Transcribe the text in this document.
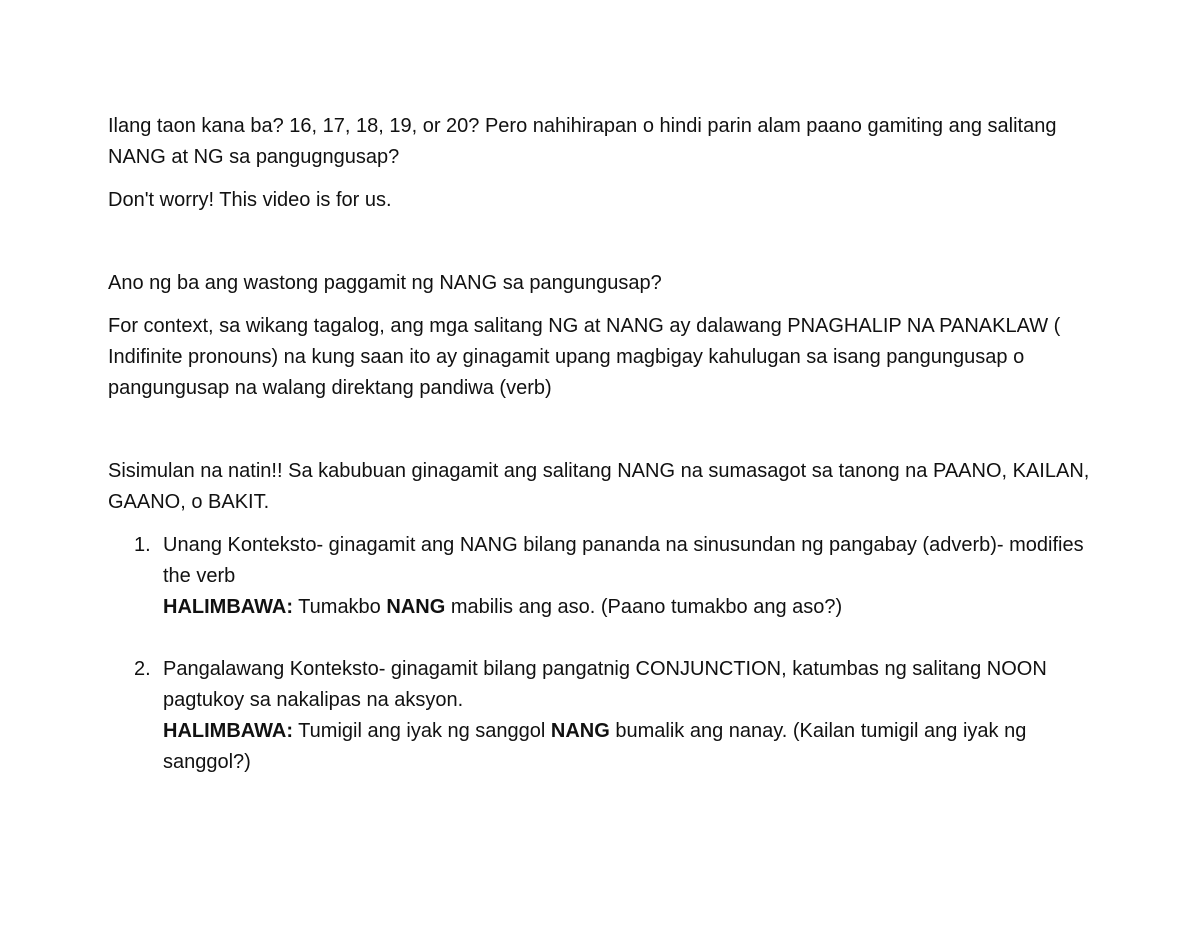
Ilang taon kana ba? 16, 17, 18, 19, or 20? Pero nahihirapan o hindi parin alam paano gamiting ang salitang NANG at NG sa pangugngusap?

Don't worry! This video is for us.

Ano ng ba ang wastong paggamit ng NANG sa pangungusap?

For context, sa wikang tagalog, ang mga salitang NG at NANG ay dalawang PNAGHALIP NA PANAKLAW ( Indifinite pronouns) na kung saan ito ay ginagamit upang magbigay kahulugan sa isang pangungusap o pangungusap na walang direktang pandiwa (verb)

Sisimulan na natin!! Sa kabubuan ginagamit ang salitang NANG na sumasagot sa tanong na PAANO, KAILAN, GAANO, o BAKIT.

1. Unang Konteksto- ginagamit ang NANG bilang pananda na sinusundan ng pangabay (adverb)- modifies the verb
HALIMBAWA: Tumakbo NANG mabilis ang aso. (Paano tumakbo ang aso?)
2. Pangalawang Konteksto- ginagamit bilang pangatnig CONJUNCTION, katumbas ng salitang NOON pagtukoy sa nakalipas na aksyon.
HALIMBAWA: Tumigil ang iyak ng sanggol NANG bumalik ang nanay. (Kailan tumigil ang iyak ng sanggol?)
